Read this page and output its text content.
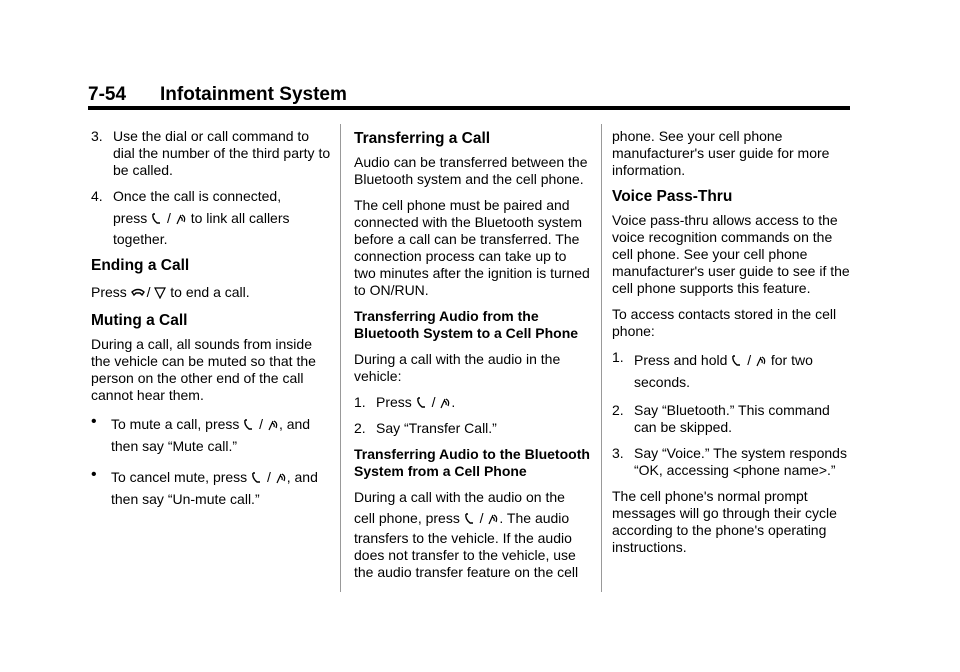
7-54 Infotainment System
3. Use the dial or call command to dial the number of the third party to be called.
4. Once the call is connected,
press / to link all callers together.
Ending a Call

Press / to end a call.

Muting a Call

During a call, all sounds from inside the vehicle can be muted so that the person on the other end of the call cannot hear them.

•	To mute a call, press / , and then say “Mute call.”
•	To cancel mute, press / , and then say “Un-mute call.”
Transferring a Call

Audio can be transferred between the Bluetooth system and the cell phone.

The cell phone must be paired and connected with the Bluetooth system before a call can be transferred. The connection process can take up to two minutes after the ignition is turned to ON/RUN.

Transferring Audio from the Bluetooth System to a Cell Phone

During a call with the audio in the vehicle:

1. Press / .
2. Say “Transfer Call.”
Transferring Audio to the Bluetooth System from a Cell Phone

During a call with the audio on the
cell phone, press / . The audio transfers to the vehicle. If the audio does not transfer to the vehicle, use the audio transfer feature on the cell

phone. See your cell phone manufacturer's user guide for more information.

Voice Pass-Thru

Voice pass-thru allows access to the voice recognition commands on the cell phone. See your cell phone manufacturer's user guide to see if the cell phone supports this feature.

To access contacts stored in the cell phone:

1. Press and hold / for two seconds.
2. Say “Bluetooth.” This command can be skipped.
3. Say “Voice.” The system responds “OK, accessing <phone name>.”

The cell phone's normal prompt messages will go through their cycle according to the phone's operating instructions.
